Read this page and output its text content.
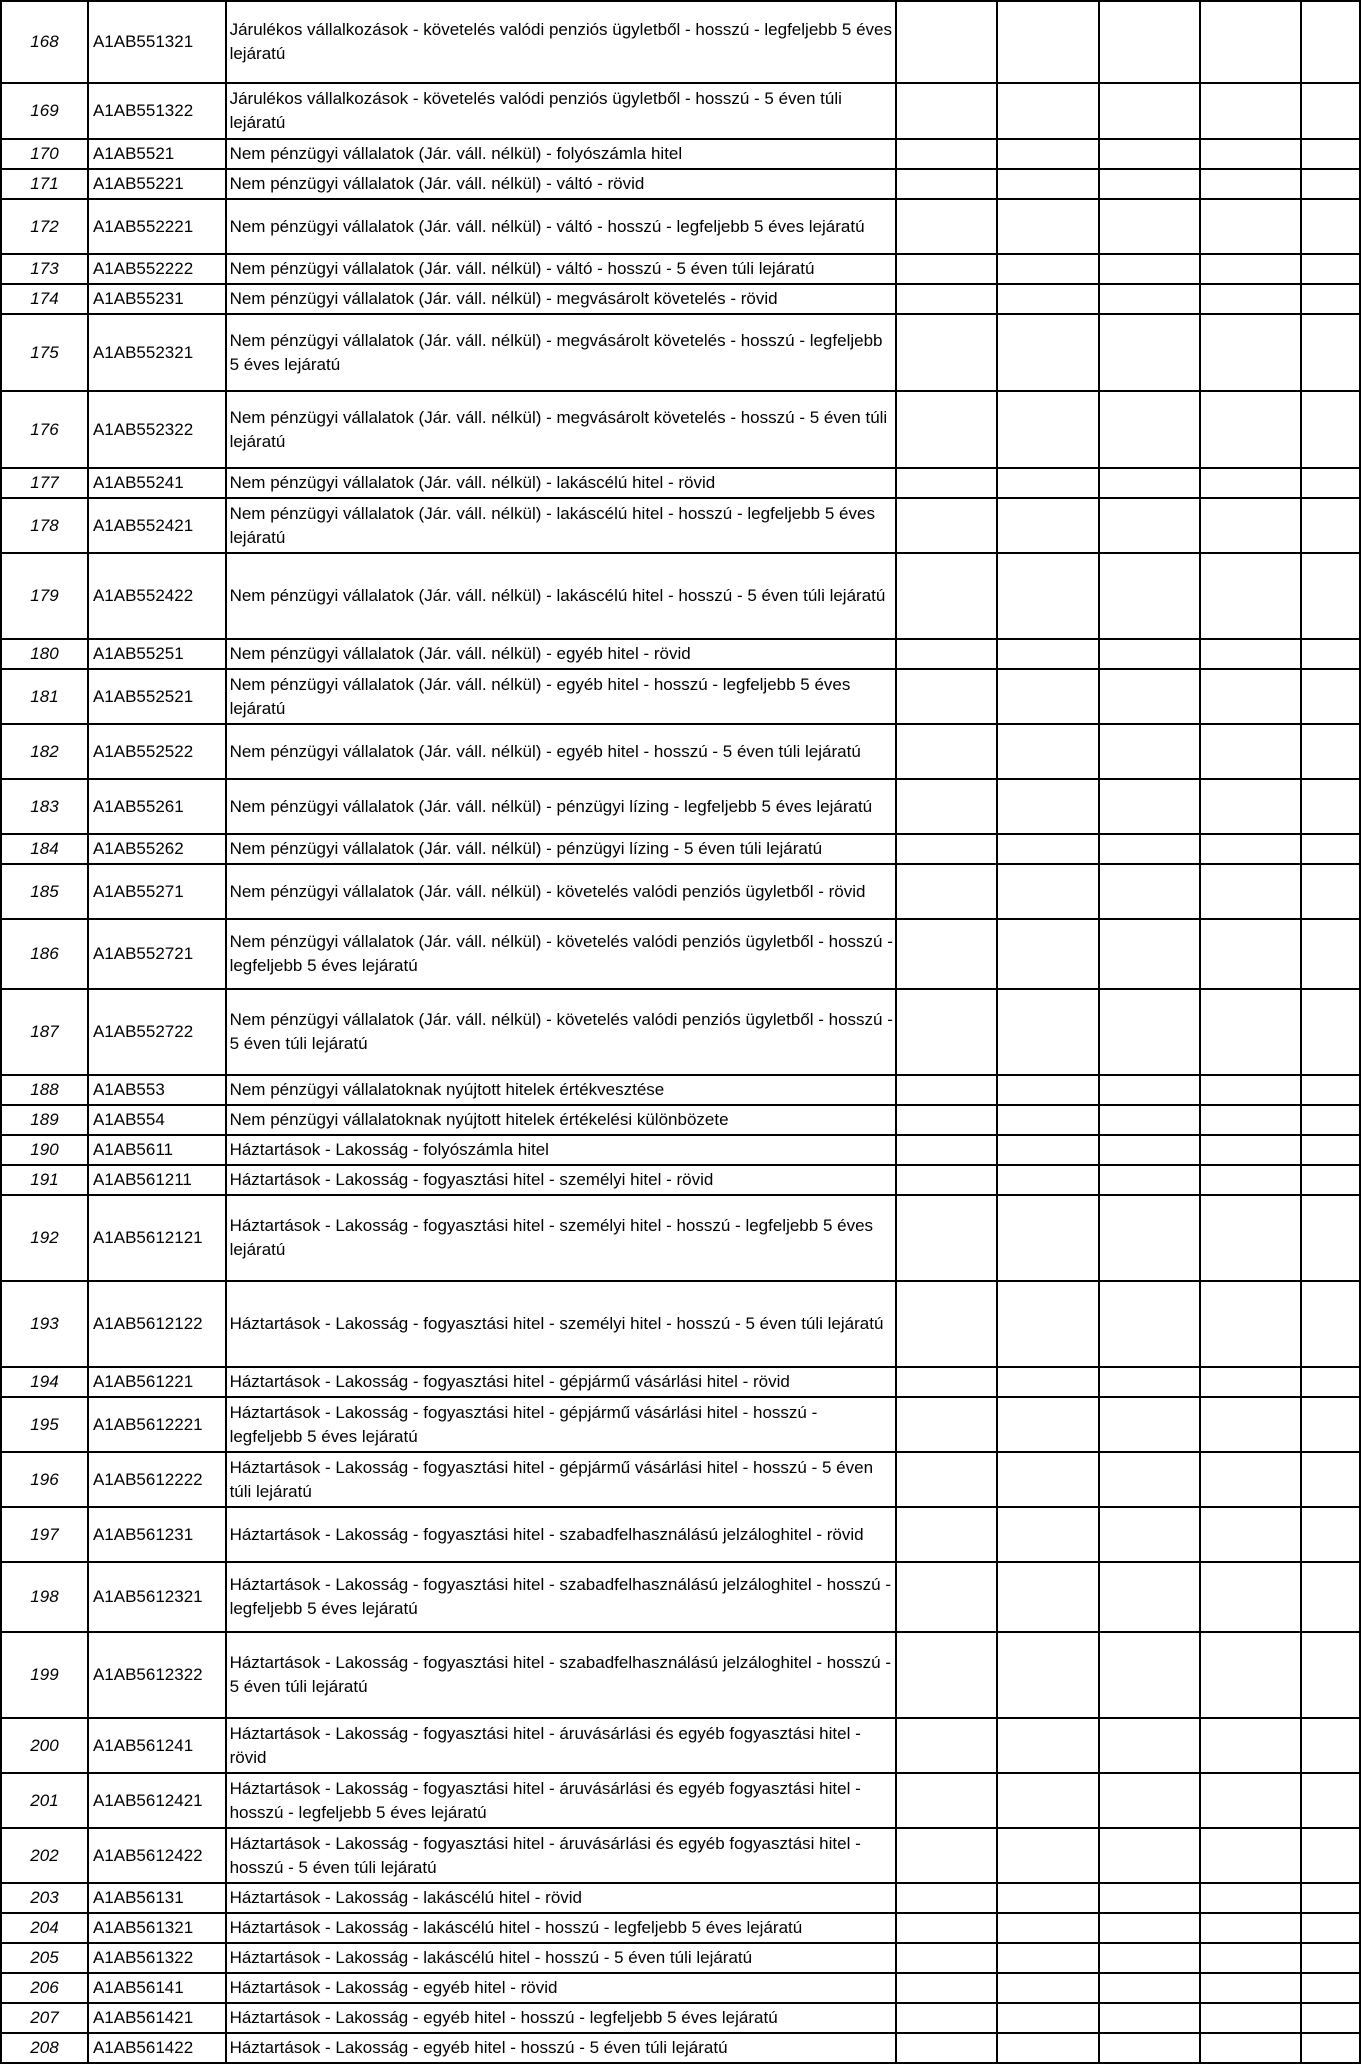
168	A1AB551321	Járulékos vállalkozások - követelés valódi penziós ügyletből - hosszú - legfeljebb 5 éves lejáratú					
169	A1AB551322	Járulékos vállalkozások - követelés valódi penziós ügyletből - hosszú - 5 éven túli lejáratú					
170	A1AB5521	Nem pénzügyi vállalatok (Jár. váll. nélkül) - folyószámla hitel					
171	A1AB55221	Nem pénzügyi vállalatok (Jár. váll. nélkül) - váltó - rövid					
172	A1AB552221	Nem pénzügyi vállalatok (Jár. váll. nélkül) - váltó - hosszú - legfeljebb 5 éves lejáratú					
173	A1AB552222	Nem pénzügyi vállalatok (Jár. váll. nélkül) - váltó - hosszú - 5 éven túli lejáratú					
174	A1AB55231	Nem pénzügyi vállalatok (Jár. váll. nélkül) - megvásárolt követelés - rövid					
175	A1AB552321	Nem pénzügyi vállalatok (Jár. váll. nélkül) - megvásárolt követelés - hosszú - legfeljebb 5 éves lejáratú					
176	A1AB552322	Nem pénzügyi vállalatok (Jár. váll. nélkül) - megvásárolt követelés - hosszú - 5 éven túli lejáratú					
177	A1AB55241	Nem pénzügyi vállalatok (Jár. váll. nélkül) - lakáscélú hitel - rövid					
178	A1AB552421	Nem pénzügyi vállalatok (Jár. váll. nélkül) - lakáscélú hitel - hosszú - legfeljebb 5 éves lejáratú					
179	A1AB552422	Nem pénzügyi vállalatok (Jár. váll. nélkül) - lakáscélú hitel - hosszú - 5 éven túli lejáratú					
180	A1AB55251	Nem pénzügyi vállalatok (Jár. váll. nélkül) - egyéb hitel - rövid					
181	A1AB552521	Nem pénzügyi vállalatok (Jár. váll. nélkül) - egyéb hitel - hosszú - legfeljebb 5 éves lejáratú					
182	A1AB552522	Nem pénzügyi vállalatok (Jár. váll. nélkül) - egyéb hitel - hosszú - 5 éven túli lejáratú					
183	A1AB55261	Nem pénzügyi vállalatok (Jár. váll. nélkül) - pénzügyi lízing - legfeljebb 5 éves lejáratú					
184	A1AB55262	Nem pénzügyi vállalatok (Jár. váll. nélkül) - pénzügyi lízing - 5 éven túli lejáratú					
185	A1AB55271	Nem pénzügyi vállalatok (Jár. váll. nélkül) - követelés valódi penziós ügyletből - rövid					
186	A1AB552721	Nem pénzügyi vállalatok (Jár. váll. nélkül) - követelés valódi penziós ügyletből - hosszú - legfeljebb 5 éves lejáratú					
187	A1AB552722	Nem pénzügyi vállalatok (Jár. váll. nélkül) - követelés valódi penziós ügyletből - hosszú - 5 éven túli lejáratú					
188	A1AB553	Nem pénzügyi vállalatoknak nyújtott hitelek értékvesztése					
189	A1AB554	Nem pénzügyi vállalatoknak nyújtott hitelek értékelési különbözete					
190	A1AB5611	Háztartások - Lakosság - folyószámla hitel					
191	A1AB561211	Háztartások - Lakosság - fogyasztási hitel - személyi hitel - rövid					
192	A1AB5612121	Háztartások - Lakosság - fogyasztási hitel - személyi hitel - hosszú - legfeljebb 5 éves lejáratú					
193	A1AB5612122	Háztartások - Lakosság - fogyasztási hitel - személyi hitel - hosszú - 5 éven túli lejáratú					
194	A1AB561221	Háztartások - Lakosság - fogyasztási hitel - gépjármű vásárlási hitel - rövid					
195	A1AB5612221	Háztartások - Lakosság - fogyasztási hitel - gépjármű vásárlási hitel - hosszú - legfeljebb 5 éves lejáratú					
196	A1AB5612222	Háztartások - Lakosság - fogyasztási hitel - gépjármű vásárlási hitel - hosszú - 5 éven túli lejáratú					
197	A1AB561231	Háztartások - Lakosság - fogyasztási hitel - szabadfelhasználású jelzáloghitel - rövid					
198	A1AB5612321	Háztartások - Lakosság - fogyasztási hitel - szabadfelhasználású jelzáloghitel - hosszú - legfeljebb 5 éves lejáratú					
199	A1AB5612322	Háztartások - Lakosság - fogyasztási hitel - szabadfelhasználású jelzáloghitel - hosszú - 5 éven túli lejáratú					
200	A1AB561241	Háztartások - Lakosság - fogyasztási hitel - áruvásárlási és egyéb fogyasztási hitel - rövid					
201	A1AB5612421	Háztartások - Lakosság - fogyasztási hitel - áruvásárlási és egyéb fogyasztási hitel - hosszú - legfeljebb 5 éves lejáratú					
202	A1AB5612422	Háztartások - Lakosság - fogyasztási hitel - áruvásárlási és egyéb fogyasztási hitel - hosszú - 5 éven túli lejáratú					
203	A1AB56131	Háztartások - Lakosság - lakáscélú hitel - rövid					
204	A1AB561321	Háztartások - Lakosság - lakáscélú hitel - hosszú - legfeljebb 5 éves lejáratú					
205	A1AB561322	Háztartások - Lakosság - lakáscélú hitel - hosszú - 5 éven túli lejáratú					
206	A1AB56141	Háztartások - Lakosság - egyéb hitel - rövid					
207	A1AB561421	Háztartások - Lakosság - egyéb hitel - hosszú - legfeljebb 5 éves lejáratú					
208	A1AB561422	Háztartások - Lakosság - egyéb hitel - hosszú - 5 éven túli lejáratú					
